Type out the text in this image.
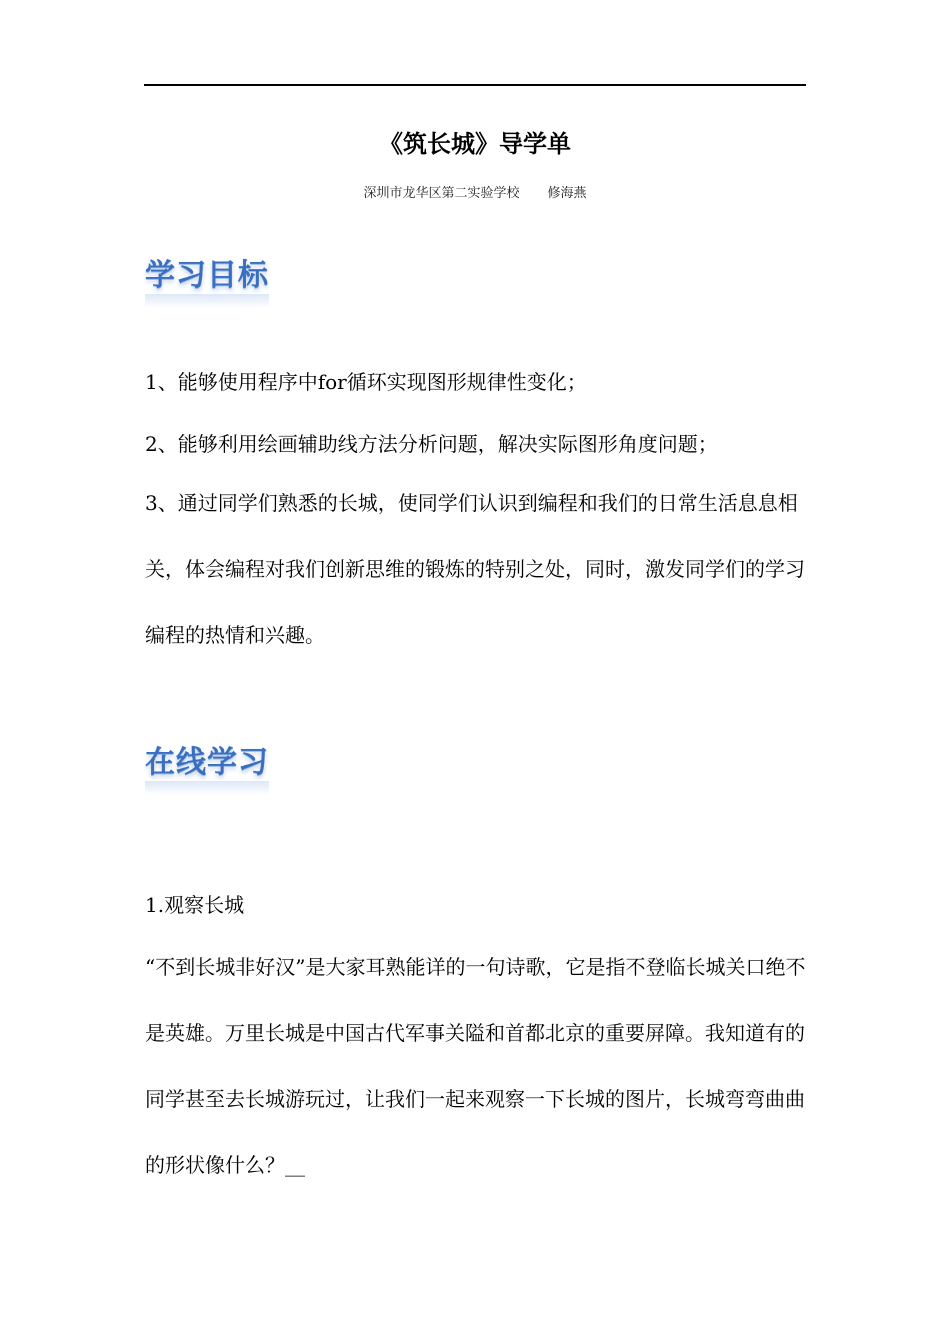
《筑长城》导学单
深圳市龙华区第二实验学校 修海燕
学习目标
1、能够使用程序中for循环实现图形规律性变化；
2、能够利用绘画辅助线方法分析问题，解决实际图形角度问题；

3、通过同学们熟悉的长城，使同学们认识到编程和我们的日常生活息息相关，体会编程对我们创新思维的锻炼的特别之处，同时，激发同学们的学习编程的热情和兴趣。

在线学习
1.观察长城

“不到长城非好汉”是大家耳熟能详的一句诗歌，它是指不登临长城关口绝不是英雄。万里长城是中国古代军事关隘和首都北京的重要屏障。我知道有的同学甚至去长城游玩过，让我们一起来观察一下长城的图片，长城弯弯曲曲的形状像什么？__
